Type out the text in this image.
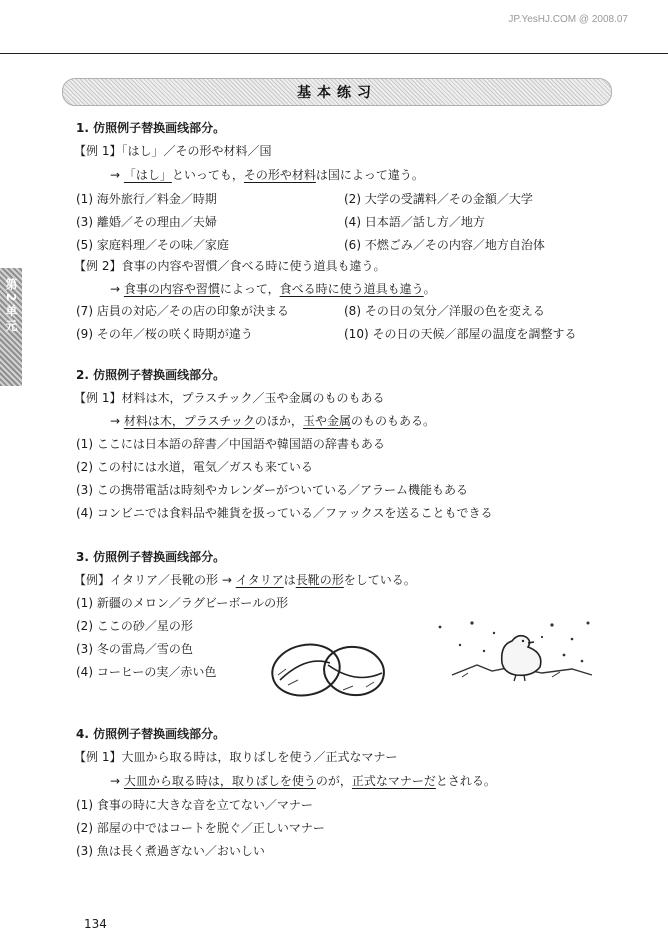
JP.YesHJ.COM @ 2008.07
基本练习
第2单元
1. 仿照例子替换画线部分。
【例 1】「はし」／その形や材料／国
→ 「はし」といっても，その形や材料は国によって違う。
(1) 海外旅行／料金／時期	(2) 大学の受講料／その金額／大学
(3) 離婚／その理由／夫婦	(4) 日本語／話し方／地方
(5) 家庭料理／その味／家庭	(6) 不燃ごみ／その内容／地方自治体
【例 2】食事の内容や習慣／食べる時に使う道具も違う。
→ 食事の内容や習慣によって，食べる時に使う道具も違う。
(7) 店員の対応／その店の印象が決まる	(8) その日の気分／洋服の色を変える
(9) その年／桜の咲く時期が違う	(10) その日の天候／部屋の温度を調整する
2. 仿照例子替换画线部分。
【例 1】材料は木，プラスチック／玉や金属のものもある
→ 材料は木，プラスチックのほか，玉や金属のものもある。
(1) ここには日本語の辞書／中国語や韓国語の辞書もある
(2) この村には水道，電気／ガスも来ている
(3) この携帯電話は時刻やカレンダーがついている／アラーム機能もある
(4) コンビニでは食料品や雑貨を扱っている／ファックスを送ることもできる
3. 仿照例子替换画线部分。
【例】イタリア／長靴の形 → イタリアは長靴の形をしている。
(1) 新疆のメロン／ラグビーボールの形
(2) ここの砂／星の形
(3) 冬の雷鳥／雪の色
(4) コーヒーの実／赤い色
4. 仿照例子替换画线部分。
【例 1】大皿から取る時は，取りばしを使う／正式なマナー
→ 大皿から取る時は，取りばしを使うのが，正式なマナーだとされる。
(1) 食事の時に大きな音を立てない／マナー
(2) 部屋の中ではコートを脱ぐ／正しいマナー
(3) 魚は長く煮過ぎない／おいしい
134
